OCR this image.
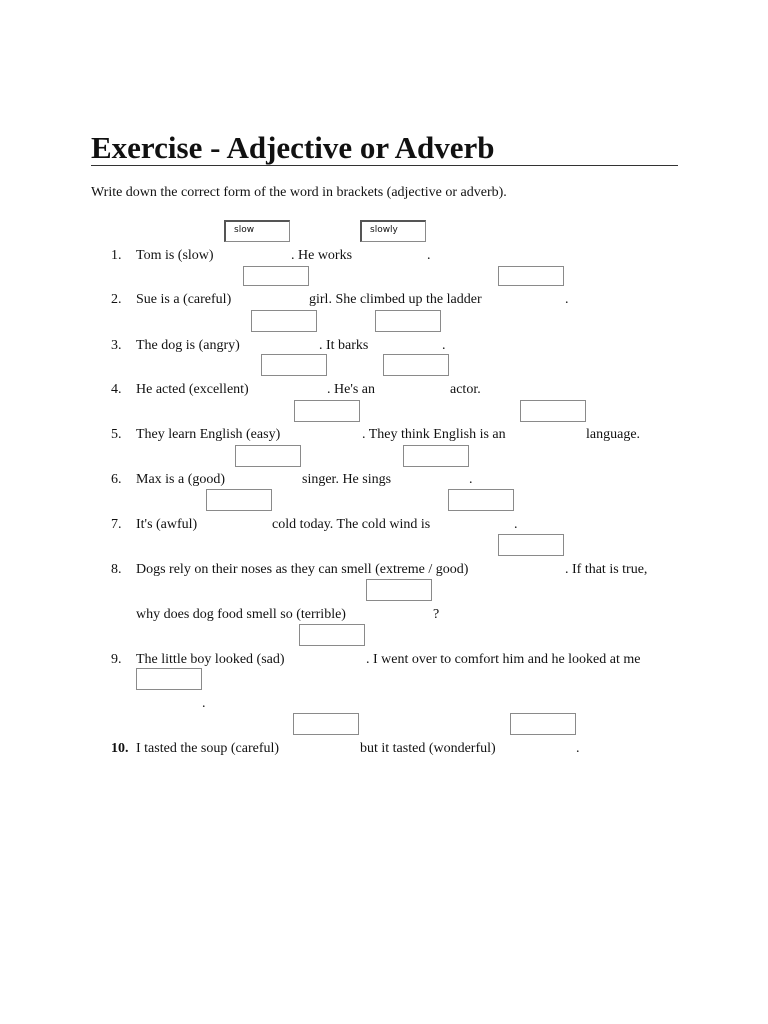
Exercise - Adjective or Adverb
Write down the correct form of the word in brackets (adjective or adverb).
slow	slowly
1. Tom is (slow)	. He works	.
2. Sue is a (careful)	girl. She climbed up the ladder	.
3. The dog is (angry)	. It barks	.
4. He acted (excellent)	. He's an	actor.
5. They learn English (easy)	. They think English is an	language.
6. Max is a (good)	singer. He sings	.
7. It's (awful)	cold today. The cold wind is	.
8. Dogs rely on their noses as they can smell (extreme / good)	. If that is true,
why does dog food smell so (terrible)	?
9. The little boy looked (sad)	. I went over to comfort him and he looked at me
.
10. I tasted the soup (careful)	but it tasted (wonderful)	.
